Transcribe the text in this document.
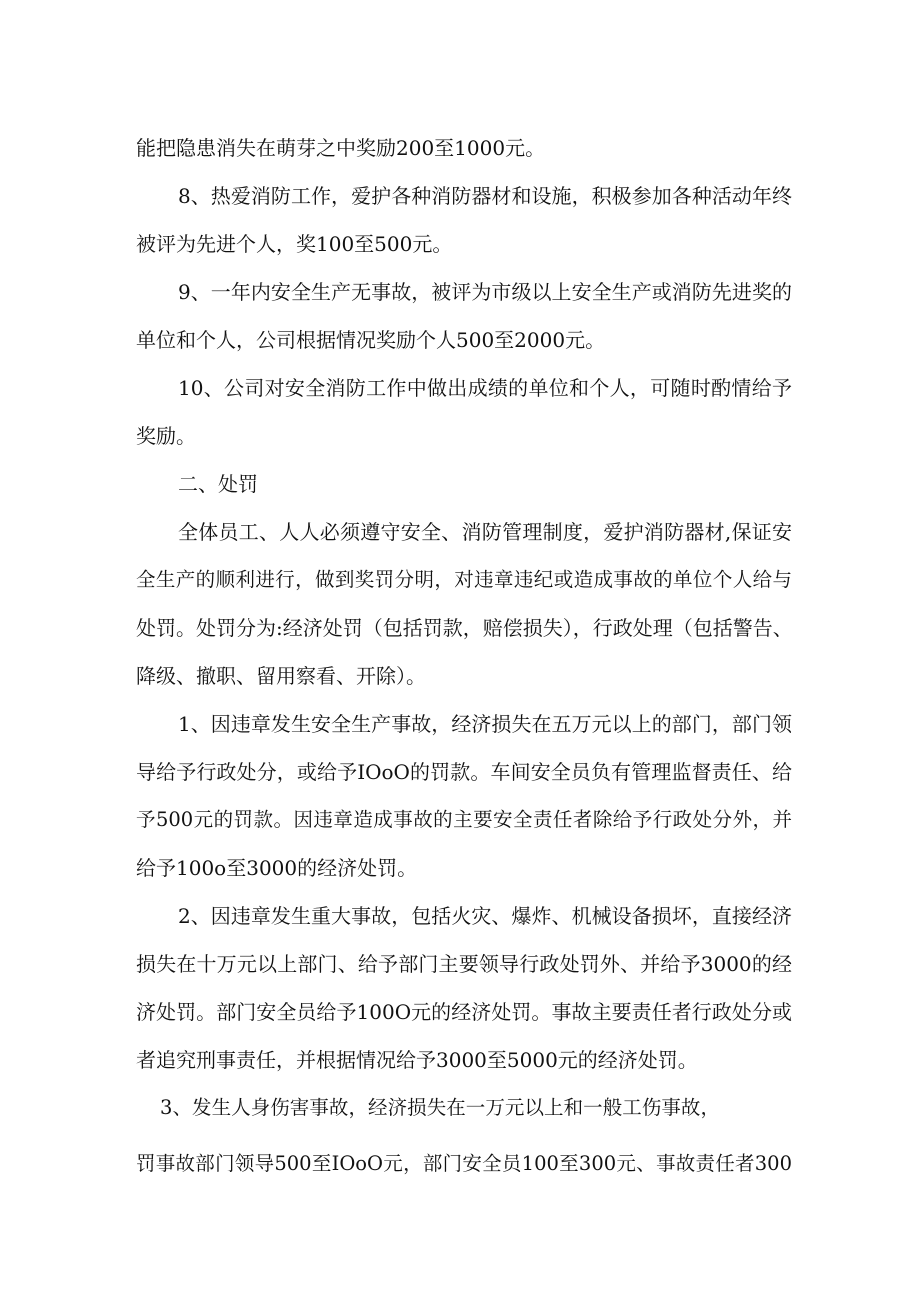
能把隐患消失在萌芽之中奖励200至1000元。
8、热爱消防工作，爱护各种消防器材和设施，积极参加各种活动年终
被评为先进个人，奖100至500元。
9、一年内安全生产无事故，被评为市级以上安全生产或消防先进奖的
单位和个人，公司根据情况奖励个人500至2000元。
10、公司对安全消防工作中做出成绩的单位和个人，可随时酌情给予
奖励。
二、处罚
全体员工、人人必须遵守安全、消防管理制度，爱护消防器材,保证安
全生产的顺利进行，做到奖罚分明，对违章违纪或造成事故的单位个人给与
处罚。处罚分为:经济处罚（包括罚款，赔偿损失），行政处理（包括警告、
降级、撤职、留用察看、开除）。
1、因违章发生安全生产事故，经济损失在五万元以上的部门，部门领
导给予行政处分，或给予IOoO的罚款。车间安全员负有管理监督责任、给
予500元的罚款。因违章造成事故的主要安全责任者除给予行政处分外，并
给予100o至3000的经济处罚。
2、因违章发生重大事故，包括火灾、爆炸、机械设备损坏，直接经济
损失在十万元以上部门、给予部门主要领导行政处罚外、并给予3000的经
济处罚。部门安全员给予100O元的经济处罚。事故主要责任者行政处分或
者追究刑事责任，并根据情况给予3000至5000元的经济处罚。
3、发生人身伤害事故，经济损失在一万元以上和一般工伤事故，
罚事故部门领导500至IOoO元，部门安全员100至300元、事故责任者300
